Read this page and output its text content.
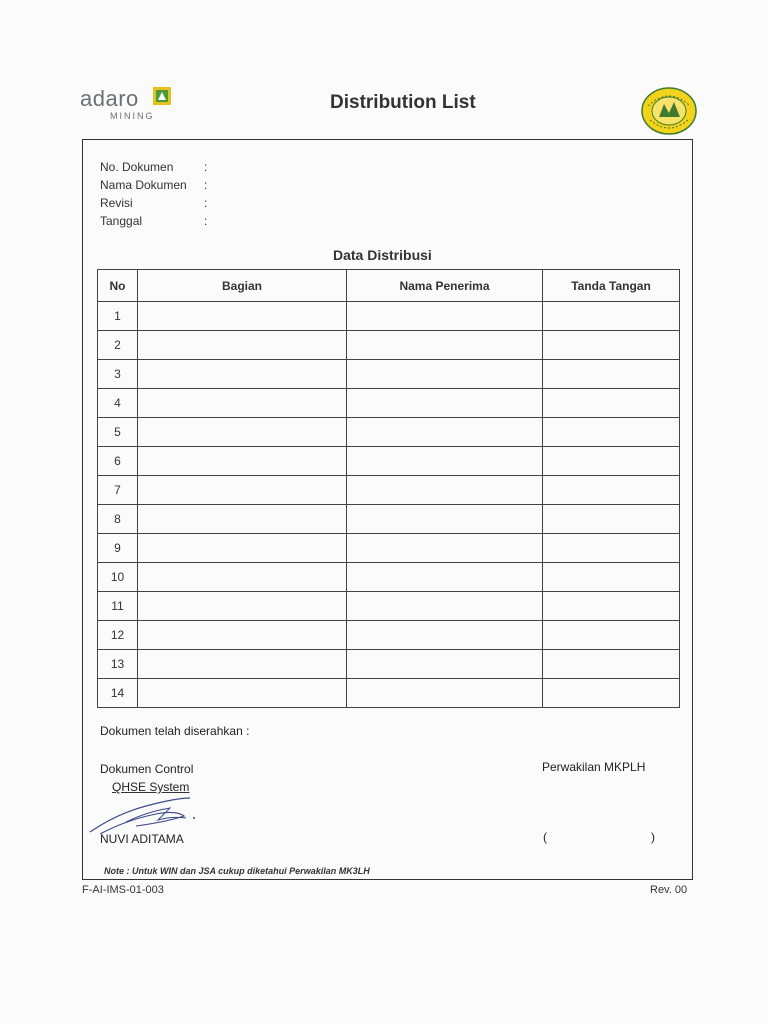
adaro
MINING
Distribution List
No. Dokumen	:
Nama Dokumen	:
Revisi	:
Tanggal	:
Data Distribusi
No	Bagian	Nama Penerima	Tanda Tangan
1			
2			
3			
4			
5			
6			
7			
8			
9			
10			
11			
12			
13			
14			
Dokumen telah diserahkan :
Dokumen Control
QHSE System
Perwakilan MKPLH
NUVI ADITAMA	(	)
Note : Untuk WIN dan JSA cukup diketahui Perwakilan MK3LH
F-AI-IMS-01-003	Rev. 00
